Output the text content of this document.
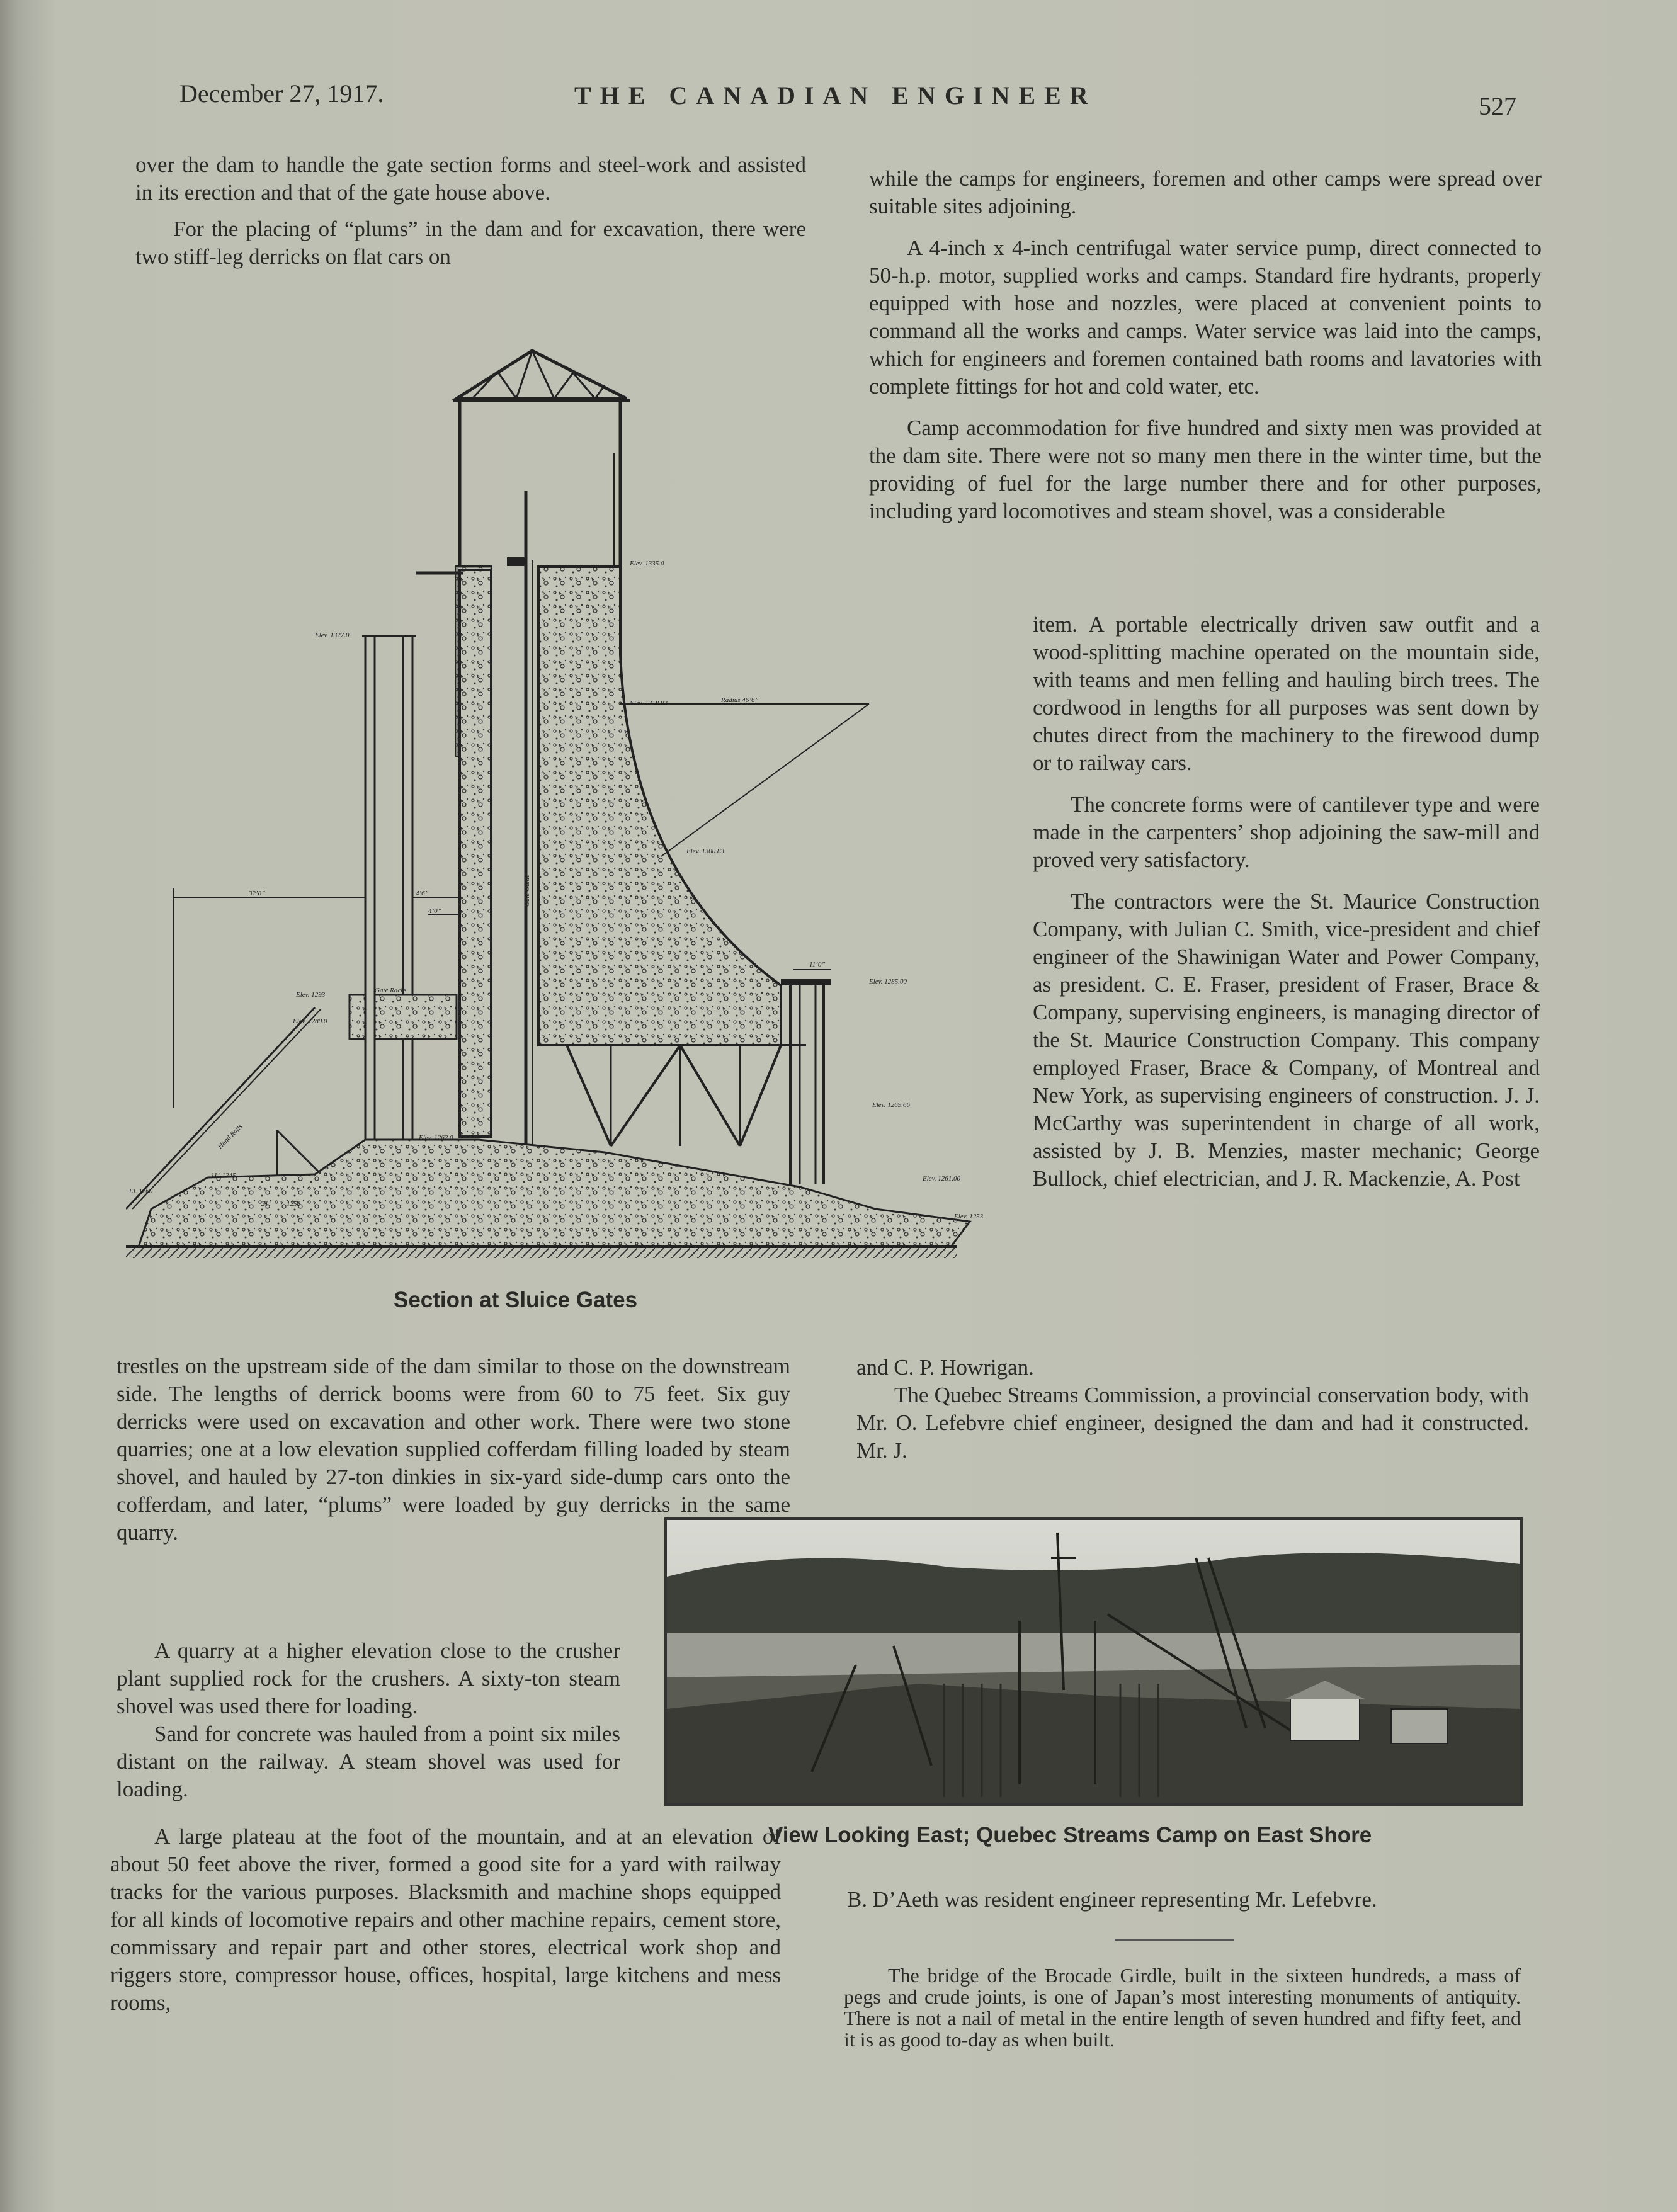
December 27, 1917.	THE CANADIAN ENGINEER	527

over the dam to handle the gate section forms and steel-work and assisted in its erection and that of the gate house above.

For the placing of “plums” in the dam and for excavation, there were two stiff-leg derricks on flat cars on

Elev. 1335.0
Elev. 1327.0
Elev. 1318.83	Radius 46’6”
Elev. 1300.83
32’8”	4’6”
4’0”
11’0”
Elev. 1285.00
Elev. 1293
Elev. 1289.0
Gate Racks
Elev. 1269.66
Elev. 1262.0
Elev. 1261.00
El. 1260
Elev. 1253
11’-1245
1258
21’
Hand Rails
Gate Guide
Section at Sluice Gates

trestles on the upstream side of the dam similar to those on the downstream side. The lengths of derrick booms were from 60 to 75 feet. Six guy derricks were used on excavation and other work. There were two stone quarries; one at a low elevation supplied cofferdam filling loaded by steam shovel, and hauled by 27-ton dinkies in six-yard side-dump cars onto the cofferdam, and later, “plums” were loaded by guy derricks in the same quarry.

A quarry at a higher elevation close to the crusher plant supplied rock for the crushers. A sixty-ton steam shovel was used there for loading.

Sand for concrete was hauled from a point six miles distant on the railway. A steam shovel was used for loading.

A large plateau at the foot of the mountain, and at an elevation of about 50 feet above the river, formed a good site for a yard with railway tracks for the various purposes. Blacksmith and machine shops equipped for all kinds of locomotive repairs and other machine repairs, cement store, commissary and repair part and other stores, electrical work shop and riggers store, compressor house, offices, hospital, large kitchens and mess rooms,

while the camps for engineers, foremen and other camps were spread over suitable sites adjoining.

A 4-inch x 4-inch centrifugal water service pump, direct connected to 50-h.p. motor, supplied works and camps. Standard fire hydrants, properly equipped with hose and nozzles, were placed at convenient points to command all the works and camps. Water service was laid into the camps, which for engineers and foremen contained bath rooms and lavatories with complete fittings for hot and cold water, etc.

Camp accommodation for five hundred and sixty men was provided at the dam site. There were not so many men there in the winter time, but the providing of fuel for the large number there and for other purposes, including yard locomotives and steam shovel, was a considerable

item. A portable electrically driven saw outfit and a wood-splitting machine operated on the mountain side, with teams and men felling and hauling birch trees. The cordwood in lengths for all purposes was sent down by chutes direct from the machinery to the firewood dump or to railway cars.

The concrete forms were of cantilever type and were made in the carpenters’ shop adjoining the saw-mill and proved very satisfactory.

The contractors were the St. Maurice Construction Company, with Julian C. Smith, vice-president and chief engineer of the Shawinigan Water and Power Company, as president. C. E. Fraser, president of Fraser, Brace & Company, supervising engineers, is managing director of the St. Maurice Construction Company. This company employed Fraser, Brace & Company, of Montreal and New York, as supervising engineers of construction. J. J. McCarthy was superintendent in charge of all work, assisted by J. B. Menzies, master mechanic; George Bullock, chief electrician, and J. R. Mackenzie, A. Post

and C. P. Howrigan.

The Quebec Streams Commission, a provincial conservation body, with Mr. O. Lefebvre chief engineer, designed the dam and had it constructed. Mr. J.

View Looking East; Quebec Streams Camp on East Shore

B. D’Aeth was resident engineer representing Mr. Lefebvre.

The bridge of the Brocade Girdle, built in the sixteen hundreds, a mass of pegs and crude joints, is one of Japan’s most interesting monuments of antiquity. There is not a nail of metal in the entire length of seven hundred and fifty feet, and it is as good to-day as when built.
